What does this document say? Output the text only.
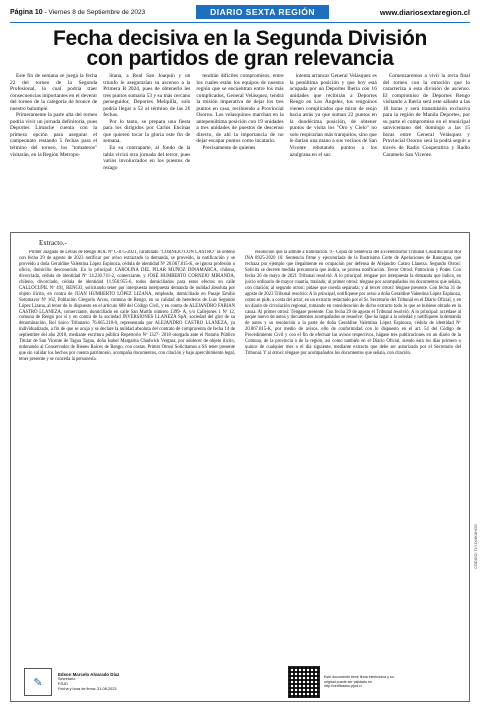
Página 10 - Viernes 8 de Septiembre de 2023	DIARIO SEXTA REGIÓN	www.diariosextaregion.cl
Fecha decisiva en la Segunda División
con partidos de gran relevancia

Este fin de semana se juega la fecha 22 del torneo de la Segunda Profesional, lo cual podría traer consecuencias importantes en el devenir del torneo de la categoría de bronce de nuestro balompié.

Primeramente la parte alta del torneo podría vivir un jornada definitoria, pues Deportes Limache cuenta con la primera opción para asegurar el campeonato restando 5 fechas para el término del torneo, los "tomateros" visitarán, en la Región Metropo-

litana, a Real San Joaquín y un triunfo le asegurarían su ascenso a la Primera B 2024, pues de obtenerlo les tres puntos sumaría 53 y su más cercano perseguidor, Deportes Melipilla, solo podría llegar a 52 al término de las 26 fechas.

Por lo tanto, se prepara una fiesta para los dirigidos por Carlos Encinas que quieren tocar la gloria este fin de semana.

En su contraparte, al fondo de la tabla vivirá otra jornada del terror, pues varios involucrados en los puestos de rezago

tendrán difíciles compromisos, entre los cuales están los equipos de nuestra región que se encuentran entre los más complicados, General Velásquez, tendrá la misión imperativa de dejar los tres puntos en casa, recibiendo a Provincial Osorno. Los velasquinos marchan en la antepenúltima posición con 19 unidades a tres unidades de puestos de descenso directo, de ahí la importancia de no dejar escapar puntos como locatario.

Precisamente de quienes

intenta arrancar General Velásquez es la penúltima posición y que hoy está ocupada por un Deportes Iberia con 16 unidades que recibirán a Deportes Rengo en Los Ángeles, los rengoinos vienen complicados que mirar de reojo hacia atrás ya que suman 22 puntos en la duodécima posición, de obtener puntos de visita los "Oro y Cielo" no solo respirarían más tranquilos, sino que le darían una mano a sus vecinos de San Vicente rebotando puntos a los azulgrana en el sur.

Comenzaremos a vivir la recta final del torneo con la emoción que lo caracteriza a esta división de ascenso. El compromiso de Deportes Rengo visitando a Iberia será este sábado a las 18 horas y será transmisión exclusiva para la región de Manila Deportes, por su parte el compromiso en el municipal sanvicentano del domingo a las 15 horas entre General Velásquez y Provincial Osorno será la podrá seguir a través de Radio Cooperativa y Radio Caramelo San Vicente.

Extracto.-

Primer Juzgado de Letras de Rengo ROL Nº C-875-2021, caratulado "CORNEJO CON CASTRO" se ordenó con fecha 29 de agosto de 2023 notificar por aviso extractado la demanda, se proveído, la notificación y se proveído a doña Geraldine Valentina López Espinoza, cédula de identidad Nº 20.067.815-K, se ignora profesión u oficio, domicilio desconocido. En lo principal: CAROLINA DEL PILAR MUÑOZ DINAMARCA, chilena, divorciada, cédula de identidad Nº 14.230.741-2, comerciante, y JOSÉ HUMBERTO CORNEJO MIRANDA, chileno, divorciado, cédula de identidad 11.950.955-6, todos domiciliados para estos efectos en calle CALLOCUPIL Nº 491, RENGO, solicitando tener por interpuesta interpuesta demanda de nulidad absoluta por objeto ilícito, en contra de JUAN HUMBERTO LÓPEZ LIZANA, empleado, domiciliado en Pasaje Emilio Sotomayor Nº 162, Población Gregorio Arcos, comuna de Rengo, en su calidad de herederos de Luis Segundo López Lizana, al tenor de lo dispuesto en el artículo 688 del Código Civil, y en contra de ALEJANDRO FABIAN CASTRO LLANEZA, comerciante, domiciliado en calle San Martín número 1399- A, y/o Callejones 1 Nº 12, comuna de Rengo por sí y en contra de la sociedad INVERSIONES LLANEZA SpA, sociedad del giro de su denominación, Rol único Tributario 76.665.210-0, representada por ALEJANDRO CASTRO LLANEZA, ya individualizado, a fin de que se acoja y se declare la nulidad absoluta del contrato de compraventa de fecha 14 de septiembre del año 2018, mediante escritura pública Repertorio Nº 1327- 2018 otorgada ante el Notario Público Titular de San Vicente de Tagua Tagua, doña Isabel Margarita Chadwick Vergara, por adolecer de objeto ilícito, ordenando al Conservador de Bienes Raíces de Rengo, con costas. Primer Otrosí Solicitamos a SS tener presente que sin validar los hechos por cuenta patrimonio, acompaña documentos, con citación y bajo apercibimiento legal, tener presente y se conceda la personería.

resolución que la admite a tramitación. 9.- Copia de Sentencia del Excelentísimo Tribunal Constitucional Rol INA 8925-2020 10. Sentencia firme y ejecutoriada de la Ilustrísima Corte de Apelaciones de Rancagua, que rechaza por ejemplo que ilegalmente en ocupación por defensa de Alejandro Castro Llaneza. Segundo Otrosí: Solicita se decrete medida precautoria que indica, se provea notificación. Tercer Otrosí: Patrocinio y Poder. Con fecha 26 de mayo de 2021 Tribunal resolvió: A lo principal: téngase por interpuesta la demanda que indica, en juicio ordinario de mayor cuantía, traslado; al primer otrosí: téngase por acompañados los documentos que señala, con citación; al segundo otrosí: pídase que cuerda separada; y al tercer otrosí: téngase presente. Con fecha 31 de agosto de 2023 Tribunal resolvió: A lo principal, notifíquese por aviso a doña Geraldine Valentina López Espinoza, como se pide, a costa del actor, en un extracto redactado por el Sr. Secretario del Tribunal en el Diario Oficial, y en un diario de circulación regional, tomando en consideración de dicho extracto todo lo que se hubiese obrado en la causa. Al primer otrosí: Téngase presente. Con fecha 29 de agosto el Tribunal resolvió: A lo principal: accédase al peque nuevo de autos y documentos acompañados se resuelve: Que ha lugar a la soledad y notifíquese la demanda de autos y su resolución a la parte de doña Geraldine Valentina López Espinoza, cédula de identidad Nº 20.067.815-K, por medio de avisos, ello de conformidad con lo dispuesto en el art. 54 del Código de Procedimiento Civil y con el fin de efectuar las avisos respectivos, hágase tres publicaciones en un diario de la Comuna, de la provincia o de la región, así como también en el Diario Oficial, siendo ésta los días primero o quince de cualquier mes o el día siguiente, mediante extracto que debe ser autorizado por el Secretario del Tribunal. Y al otrosí: téngase por acompañados los documentos que señala, con citación.

✎
Edson Marcelo Alvarado Díaz
Secretario
PJUD
Fecha y hora de firma: 31-08-2023
Este documento tiene firma electrónica y su original puede ser validado en http://verificadoc.pjud.cl
CÓDIGO: TLYJXVKXHGG
